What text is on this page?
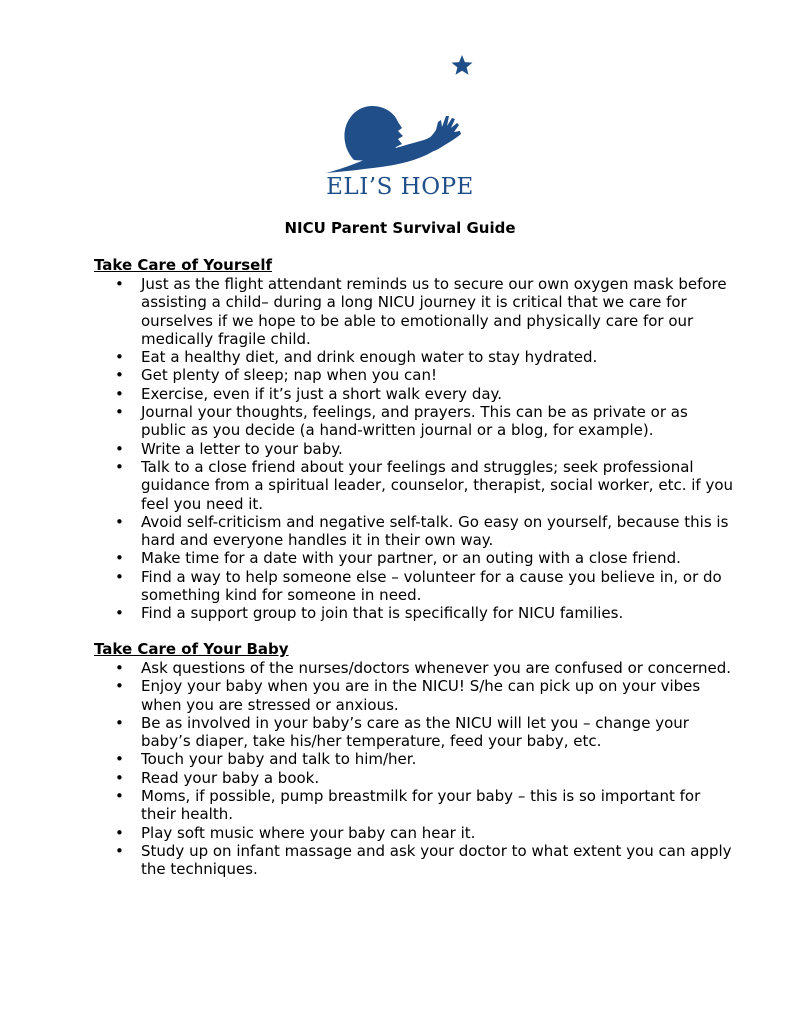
ELI’S HOPE
NICU Parent Survival Guide
Take Care of Yourself
• Just as the flight attendant reminds us to secure our own oxygen mask before assisting a child– during a long NICU journey it is critical that we care for ourselves if we hope to be able to emotionally and physically care for our medically fragile child.
• Eat a healthy diet, and drink enough water to stay hydrated.
• Get plenty of sleep; nap when you can!
• Exercise, even if it’s just a short walk every day.
• Journal your thoughts, feelings, and prayers. This can be as private or as public as you decide (a hand-written journal or a blog, for example).
• Write a letter to your baby.
• Talk to a close friend about your feelings and struggles; seek professional guidance from a spiritual leader, counselor, therapist, social worker, etc. if you feel you need it.
• Avoid self-criticism and negative self-talk. Go easy on yourself, because this is hard and everyone handles it in their own way.
• Make time for a date with your partner, or an outing with a close friend.
• Find a way to help someone else – volunteer for a cause you believe in, or do something kind for someone in need.
• Find a support group to join that is specifically for NICU families.
Take Care of Your Baby
• Ask questions of the nurses/doctors whenever you are confused or concerned.
• Enjoy your baby when you are in the NICU! S/he can pick up on your vibes when you are stressed or anxious.
• Be as involved in your baby’s care as the NICU will let you – change your baby’s diaper, take his/her temperature, feed your baby, etc.
• Touch your baby and talk to him/her.
• Read your baby a book.
• Moms, if possible, pump breastmilk for your baby – this is so important for their health.
• Play soft music where your baby can hear it.
• Study up on infant massage and ask your doctor to what extent you can apply the techniques.
